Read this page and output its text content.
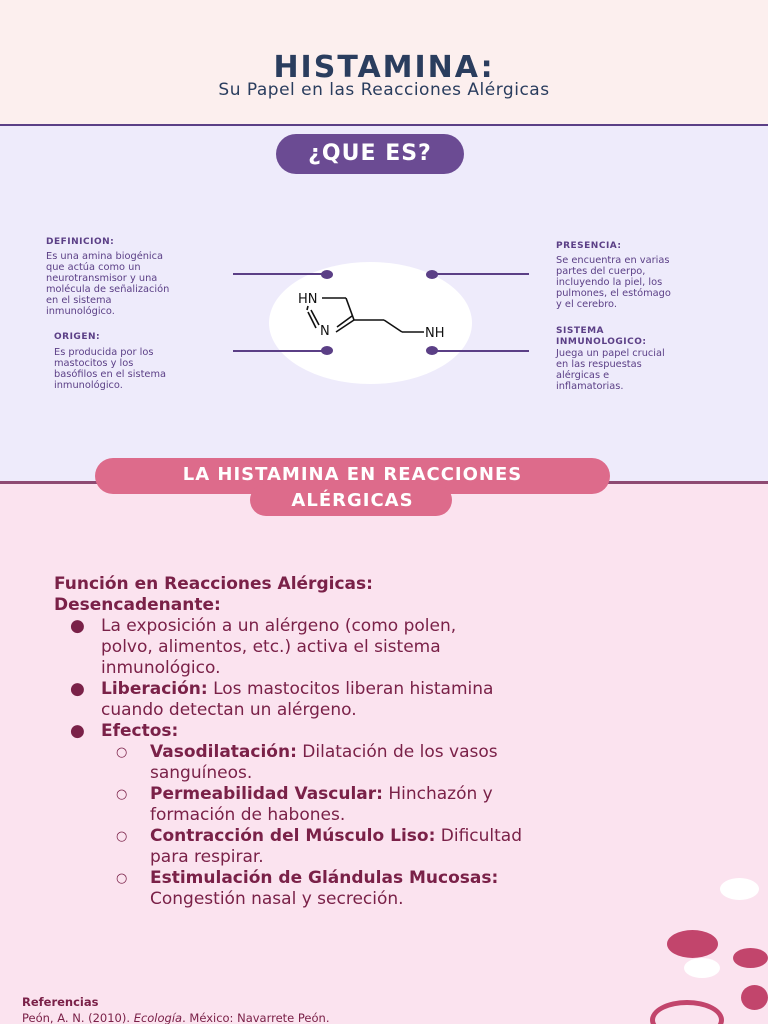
HISTAMINA:
Su Papel en las Reacciones Alérgicas
¿QUE ES?
HN
N	NH
DEFINICION:
Es una amina biogénica
que actúa como un
neurotransmisor y una
molécula de señalización
en el sistema
inmunológico.
ORIGEN:
Es producida por los
mastocitos y los
basófilos en el sistema
inmunológico.
PRESENCIA:
Se encuentra en varias
partes del cuerpo,
incluyendo la piel, los
pulmones, el estómago
y el cerebro.
SISTEMA
INMUNOLOGICO:
Juega un papel crucial
en las respuestas
alérgicas e
inflamatorias.
LA HISTAMINA EN REACCIONES
ALÉRGICAS
Función en Reacciones Alérgicas:
Desencadenante:
● La exposición a un alérgeno (como polen,
polvo, alimentos, etc.) activa el sistema
inmunológico.
● Liberación: Los mastocitos liberan histamina
cuando detectan un alérgeno.
● Efectos:
○ Vasodilatación: Dilatación de los vasos
sanguíneos.
○ Permeabilidad Vascular: Hinchazón y
formación de habones.
○ Contracción del Músculo Liso: Dificultad
para respirar.
○ Estimulación de Glándulas Mucosas:
Congestión nasal y secreción.
Referencias
Peón, A. N. (2010). Ecología. México: Navarrete Peón.
